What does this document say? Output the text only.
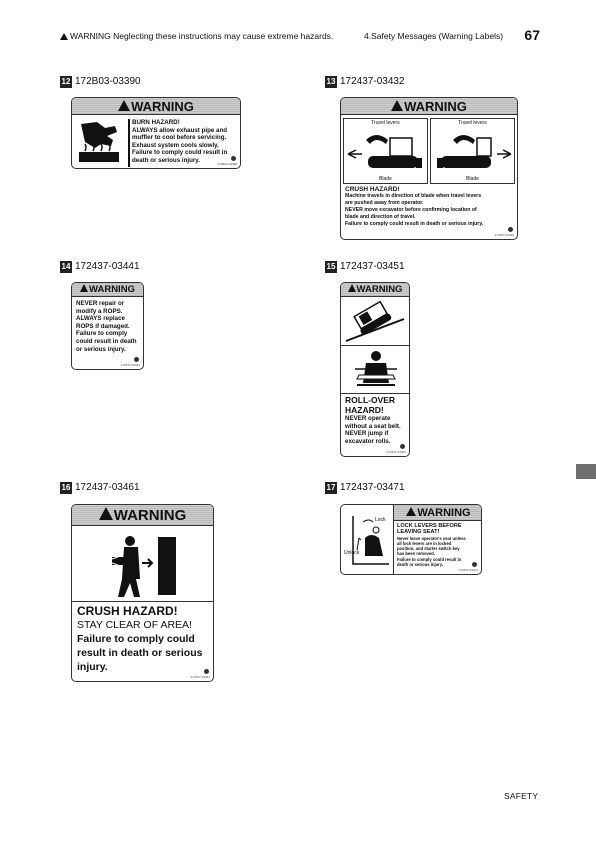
WARNING Neglecting these instructions may cause extreme hazards.	4.Safety Messages (Warning Labels) 67
12 172B03-03390
WARNING
BURN HAZARD!
ALWAYS allow exhaust pipe and
muffler to cool before servicing.
Exhaust system cools slowly.
Failure to comply could result in
death or serious injury.
172B03-03390
13 172437-03432
WARNING
Travel levers
Blade
Travel levers
Blade
CRUSH HAZARD!
Machine travels in direction of blade when travel levers
are pushed away from operator.
NEVER move excavator before confirming location of
blade and direction of travel.
Failure to comply could result in death or serious injury.
172437-03432
14 172437-03441
WARNING
NEVER repair or
modify a ROPS.
ALWAYS replace
ROPS if damaged.
Failure to comply
could result in death
or serious injury.
172437-03441
15 172437-03451
WARNING
ROLL-OVER
HAZARD!
NEVER operate
without a seat belt.
NEVER jump if
excavator rolls.
172437-03451
16 172437-03461
WARNING
CRUSH HAZARD!
STAY CLEAR OF AREA!
Failure to comply could
result in death or serious
injury.
172437-03461
17 172437-03471
Lock
Unlock
WARNING
LOCK LEVERS BEFORE
LEAVING SEAT!
Never leave operator's seat unless
all lock levers are in locked
position, and starter switch key
has been removed.
Failure to comply could result in
death or serious injury.
172437-03471
SAFETY
